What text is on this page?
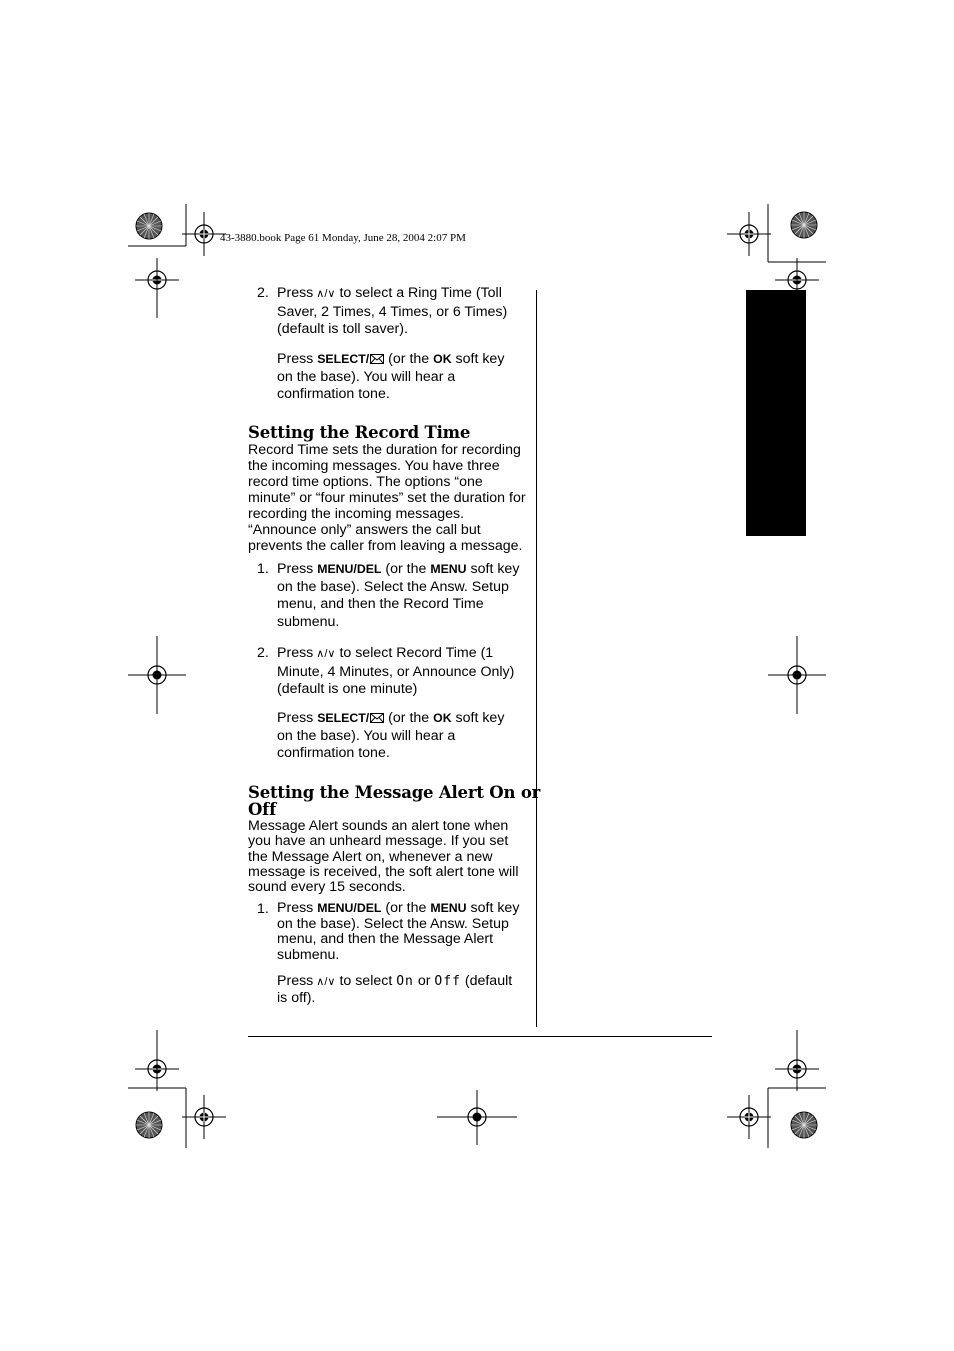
43-3880.book Page 61 Monday, June 28, 2004 2:07 PM
2. Press ∧/∨ to select a Ring Time (Toll
Saver, 2 Times, 4 Times, or 6 Times)
(default is toll saver).
Press SELECT/ (or the OK soft key
on the base). You will hear a
confirmation tone.
Setting the Record Time
Record Time sets the duration for recording
the incoming messages. You have three
record time options. The options “one
minute” or “four minutes” set the duration for
recording the incoming messages.
“Announce only” answers the call but
prevents the caller from leaving a message.
1. Press MENU/DEL (or the MENU soft key
on the base). Select the Answ. Setup
menu, and then the Record Time
submenu.
2. Press ∧/∨ to select Record Time (1
Minute, 4 Minutes, or Announce Only)
(default is one minute)
Press SELECT/ (or the OK soft key
on the base). You will hear a
confirmation tone.
Setting the Message Alert On or
Off
Message Alert sounds an alert tone when
you have an unheard message. If you set
the Message Alert on, whenever a new
message is received, the soft alert tone will
sound every 15 seconds.
1. Press MENU/DEL (or the MENU soft key
on the base). Select the Answ. Setup
menu, and then the Message Alert
submenu.
Press ∧/∨ to select On or Off (default
is off).
